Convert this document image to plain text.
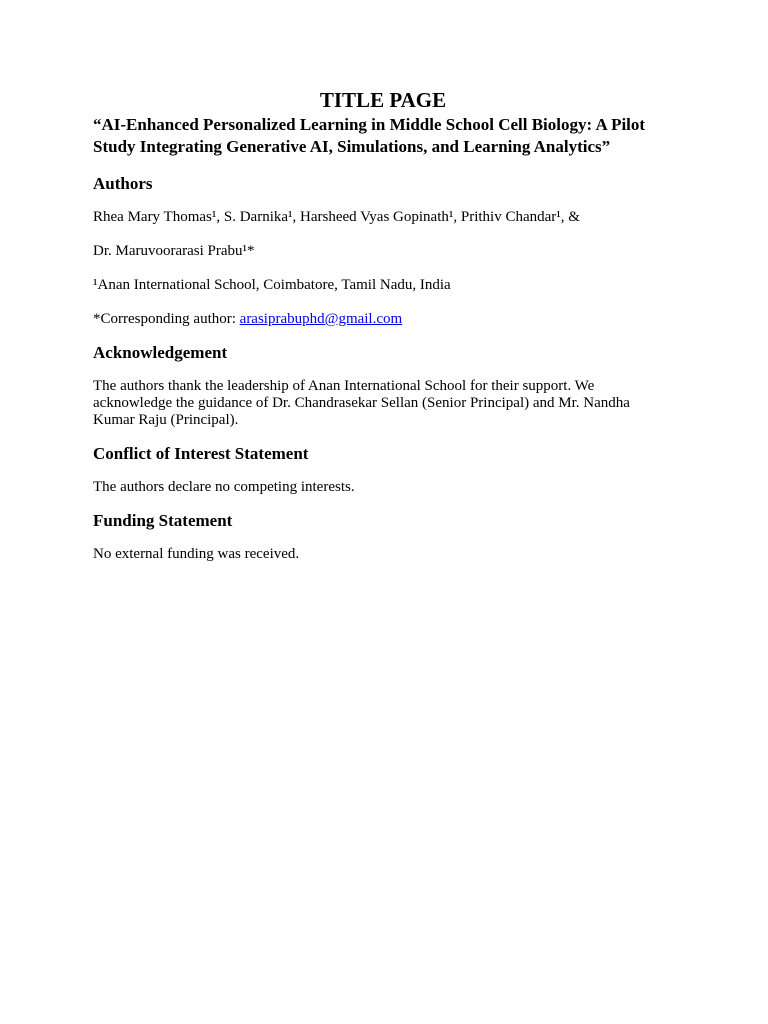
TITLE PAGE
“AI-Enhanced Personalized Learning in Middle School Cell Biology: A Pilot Study Integrating Generative AI, Simulations, and Learning Analytics”
Authors

Rhea Mary Thomas¹, S. Darnika¹, Harsheed Vyas Gopinath¹, Prithiv Chandar¹, &

Dr. Maruvoorarasi Prabu¹*

¹Anan International School, Coimbatore, Tamil Nadu, India

*Corresponding author: arasiprabuphd@gmail.com

Acknowledgement

The authors thank the leadership of Anan International School for their support. We acknowledge the guidance of Dr. Chandrasekar Sellan (Senior Principal) and Mr. Nandha Kumar Raju (Principal).

Conflict of Interest Statement

The authors declare no competing interests.

Funding Statement

No external funding was received.
